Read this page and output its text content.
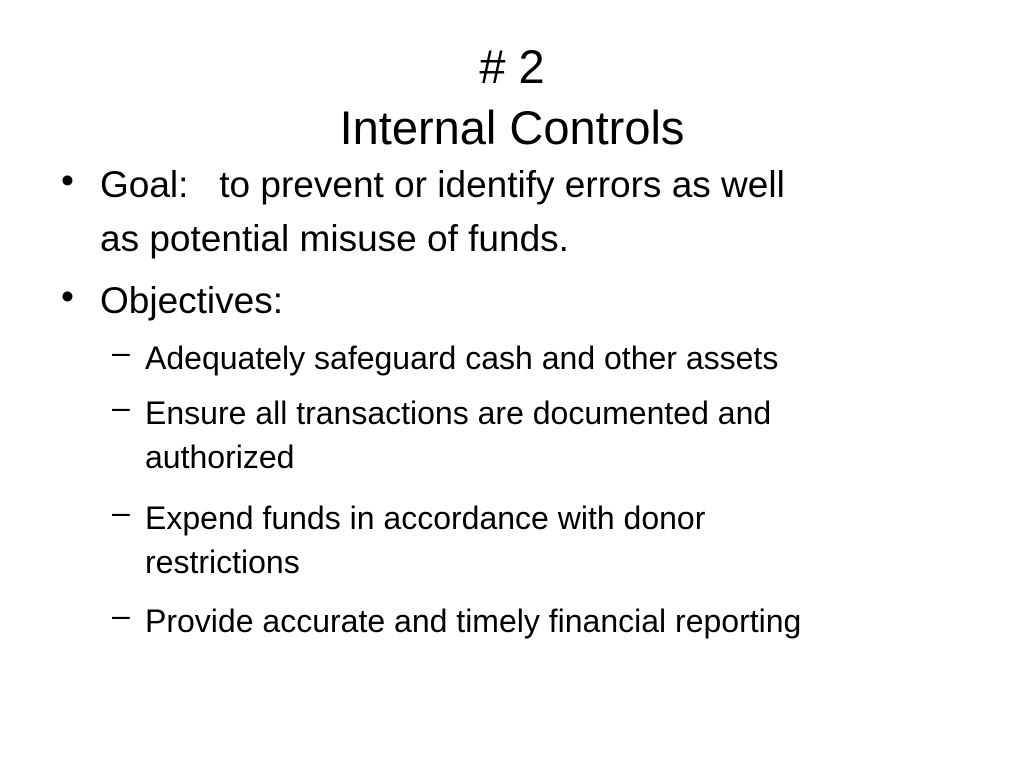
# 2
Internal Controls
• Goal:   to prevent or identify errors as well
as potential misuse of funds.
• Objectives:
– Adequately safeguard cash and other assets
– Ensure all transactions are documented and
authorized
– Expend funds in accordance with donor
restrictions
– Provide accurate and timely financial reporting
